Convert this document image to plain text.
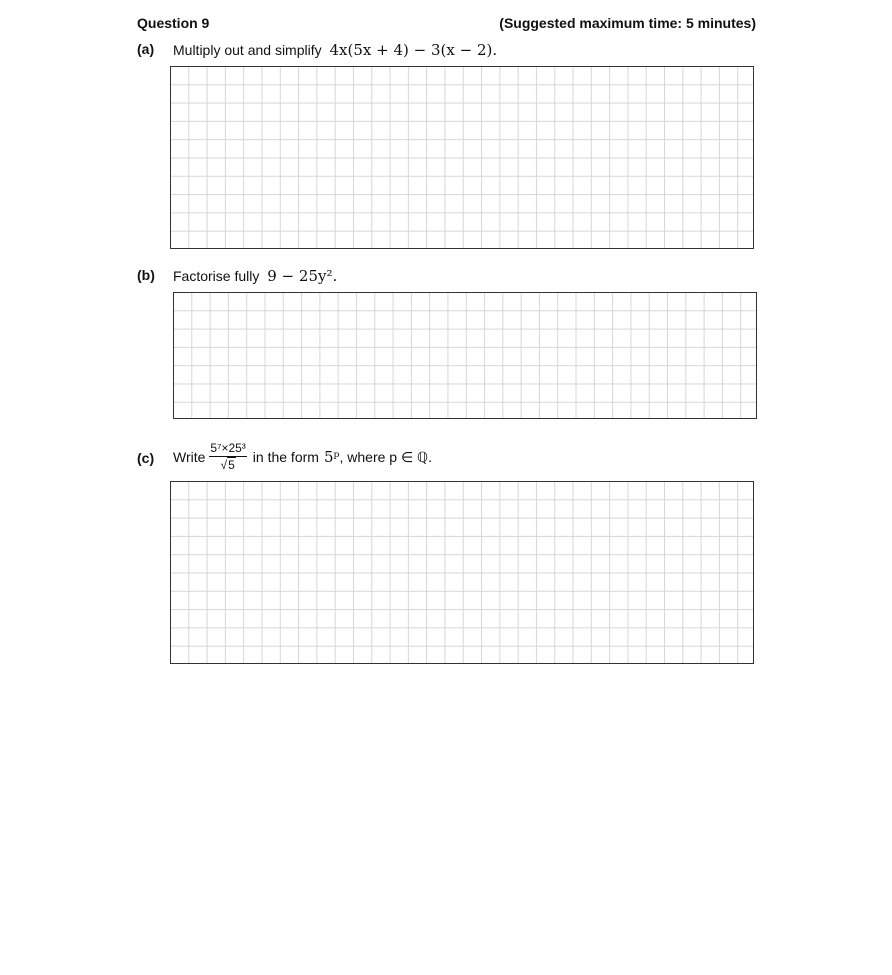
Question 9	(Suggested maximum time: 5 minutes)
(a) Multiply out and simplify 4x(5x + 4) − 3(x − 2).
(b) Factorise fully 9 − 25y².
(c) Write $\frac{\text{5⁷×25³}}{√5}$ in the form 5ᵖ , where p ∈ ℚ.
